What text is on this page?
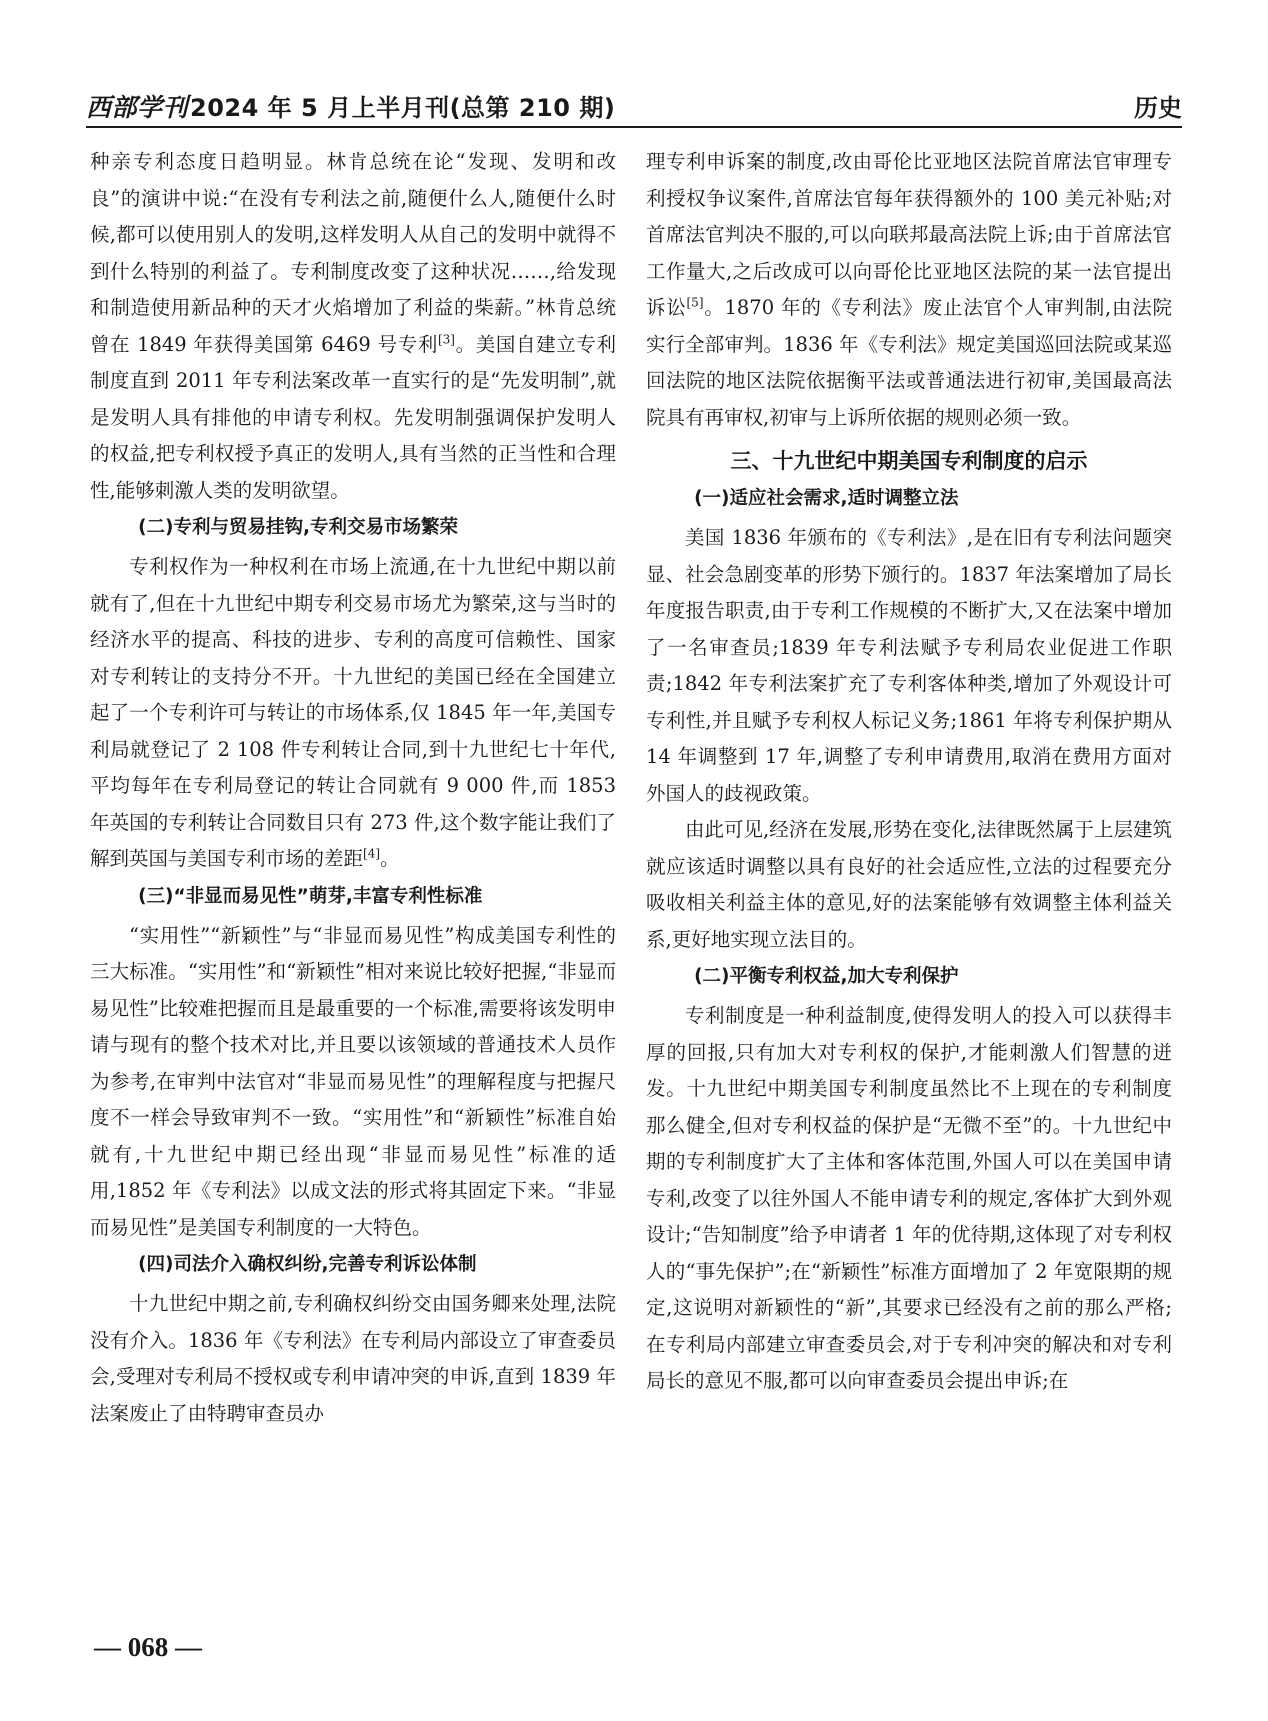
西部学刊2024 年 5 月上半月刊(总第 210 期)	历史

种亲专利态度日趋明显。林肯总统在论“发现、发明和改良”的演讲中说:“在没有专利法之前,随便什么人,随便什么时候,都可以使用别人的发明,这样发明人从自己的发明中就得不到什么特别的利益了。专利制度改变了这种状况……,给发现和制造使用新品种的天才火焰增加了利益的柴薪。”林肯总统曾在 1849 年获得美国第 6469 号专利[3]。美国自建立专利制度直到 2011 年专利法案改革一直实行的是“先发明制”,就是发明人具有排他的申请专利权。先发明制强调保护发明人的权益,把专利权授予真正的发明人,具有当然的正当性和合理性,能够刺激人类的发明欲望。

(二)专利与贸易挂钩,专利交易市场繁荣

专利权作为一种权利在市场上流通,在十九世纪中期以前就有了,但在十九世纪中期专利交易市场尤为繁荣,这与当时的经济水平的提高、科技的进步、专利的高度可信赖性、国家对专利转让的支持分不开。十九世纪的美国已经在全国建立起了一个专利许可与转让的市场体系,仅 1845 年一年,美国专利局就登记了 2 108 件专利转让合同,到十九世纪七十年代,平均每年在专利局登记的转让合同就有 9 000 件,而 1853 年英国的专利转让合同数目只有 273 件,这个数字能让我们了解到英国与美国专利市场的差距[4]。

(三)“非显而易见性”萌芽,丰富专利性标准

“实用性”“新颖性”与“非显而易见性”构成美国专利性的三大标准。“实用性”和“新颖性”相对来说比较好把握,“非显而易见性”比较难把握而且是最重要的一个标准,需要将该发明申请与现有的整个技术对比,并且要以该领域的普通技术人员作为参考,在审判中法官对“非显而易见性”的理解程度与把握尺度不一样会导致审判不一致。“实用性”和“新颖性”标准自始就有,十九世纪中期已经出现“非显而易见性”标准的适用,1852 年《专利法》以成文法的形式将其固定下来。“非显而易见性”是美国专利制度的一大特色。

(四)司法介入确权纠纷,完善专利诉讼体制

十九世纪中期之前,专利确权纠纷交由国务卿来处理,法院没有介入。1836 年《专利法》在专利局内部设立了审查委员会,受理对专利局不授权或专利申请冲突的申诉,直到 1839 年法案废止了由特聘审查员办

理专利申诉案的制度,改由哥伦比亚地区法院首席法官审理专利授权争议案件,首席法官每年获得额外的 100 美元补贴;对首席法官判决不服的,可以向联邦最高法院上诉;由于首席法官工作量大,之后改成可以向哥伦比亚地区法院的某一法官提出诉讼[5]。1870 年的《专利法》废止法官个人审判制,由法院实行全部审判。1836 年《专利法》规定美国巡回法院或某巡回法院的地区法院依据衡平法或普通法进行初审,美国最高法院具有再审权,初审与上诉所依据的规则必须一致。

三、十九世纪中期美国专利制度的启示
(一)适应社会需求,适时调整立法

美国 1836 年颁布的《专利法》,是在旧有专利法问题突显、社会急剧变革的形势下颁行的。1837 年法案增加了局长年度报告职责,由于专利工作规模的不断扩大,又在法案中增加了一名审查员;1839 年专利法赋予专利局农业促进工作职责;1842 年专利法案扩充了专利客体种类,增加了外观设计可专利性,并且赋予专利权人标记义务;1861 年将专利保护期从 14 年调整到 17 年,调整了专利申请费用,取消在费用方面对外国人的歧视政策。

由此可见,经济在发展,形势在变化,法律既然属于上层建筑就应该适时调整以具有良好的社会适应性,立法的过程要充分吸收相关利益主体的意见,好的法案能够有效调整主体利益关系,更好地实现立法目的。

(二)平衡专利权益,加大专利保护

专利制度是一种利益制度,使得发明人的投入可以获得丰厚的回报,只有加大对专利权的保护,才能刺激人们智慧的迸发。十九世纪中期美国专利制度虽然比不上现在的专利制度那么健全,但对专利权益的保护是“无微不至”的。十九世纪中期的专利制度扩大了主体和客体范围,外国人可以在美国申请专利,改变了以往外国人不能申请专利的规定,客体扩大到外观设计;“告知制度”给予申请者 1 年的优待期,这体现了对专利权人的“事先保护”;在“新颖性”标准方面增加了 2 年宽限期的规定,这说明对新颖性的“新”,其要求已经没有之前的那么严格;在专利局内部建立审查委员会,对于专利冲突的解决和对专利局长的意见不服,都可以向审查委员会提出申诉;在

— 068 —
